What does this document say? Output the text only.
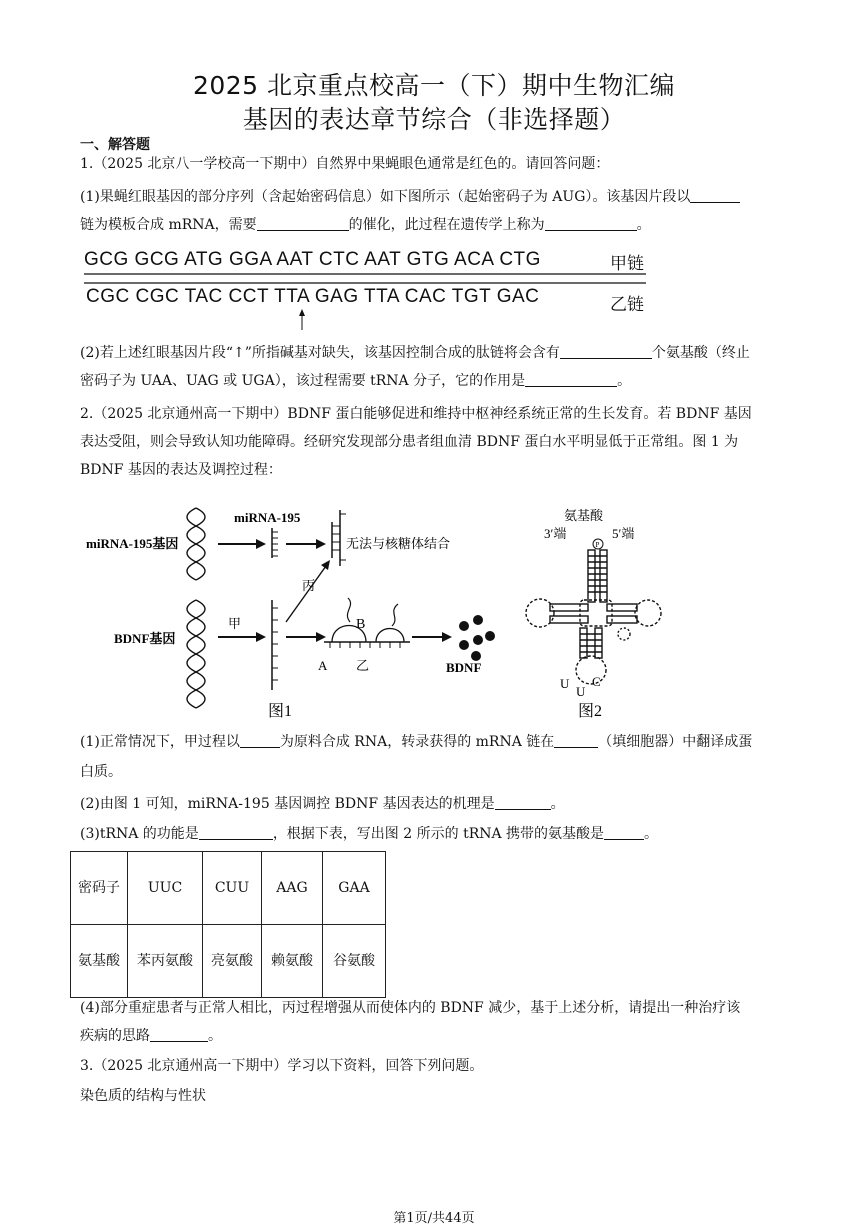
2025 北京重点校高一（下）期中生物汇编
基因的表达章节综合（非选择题）
一、解答题
1.（2025 北京八一学校高一下期中）自然界中果蝇眼色通常是红色的。请回答问题：
(1)果蝇红眼基因的部分序列（含起始密码信息）如下图所示（起始密码子为 AUG）。该基因片段以
链为模板合成 mRNA，需要	的催化，此过程在遗传学上称为	。
GCG GCG ATG GGA AAT CTC AAT GTG ACA CTG	甲链
CGC CGC TAC CCT TTA GAG TTA CAC TGT GAC	乙链
(2)若上述红眼基因片段“↑”所指碱基对缺失，该基因控制合成的肽链将会含有	个氨基酸（终止
密码子为 UAA、UAG 或 UGA），该过程需要 tRNA 分子，它的作用是	。
2.（2025 北京通州高一下期中）BDNF 蛋白能够促进和维持中枢神经系统正常的生长发育。若 BDNF 基因
表达受阻，则会导致认知功能障碍。经研究发现部分患者组血清 BDNF 蛋白水平明显低于正常组。图 1 为
BDNF 基因的表达及调控过程：
miRNA-195基因
miRNA-195
无法与核糖体结合
丙
BDNF基因
甲	B
A 乙	BDNF
图1
氨基酸
3′端	5′端
P
U
U
C
图2
(1)正常情况下，甲过程以	为原料合成 RNA，转录获得的 mRNA 链在	（填细胞器）中翻译成蛋
白质。
(2)由图 1 可知，miRNA-195 基因调控 BDNF 基因表达的机理是	。
(3)tRNA 的功能是	，根据下表，写出图 2 所示的 tRNA 携带的氨基酸是	。
密码子	UUC	CUU	AAG	GAA
氨基酸	苯丙氨酸	亮氨酸	赖氨酸	谷氨酸
(4)部分重症患者与正常人相比，丙过程增强从而使体内的 BDNF 减少，基于上述分析，请提出一种治疗该
疾病的思路	。
3.（2025 北京通州高一下期中）学习以下资料，回答下列问题。
染色质的结构与性状
第1页/共44页
